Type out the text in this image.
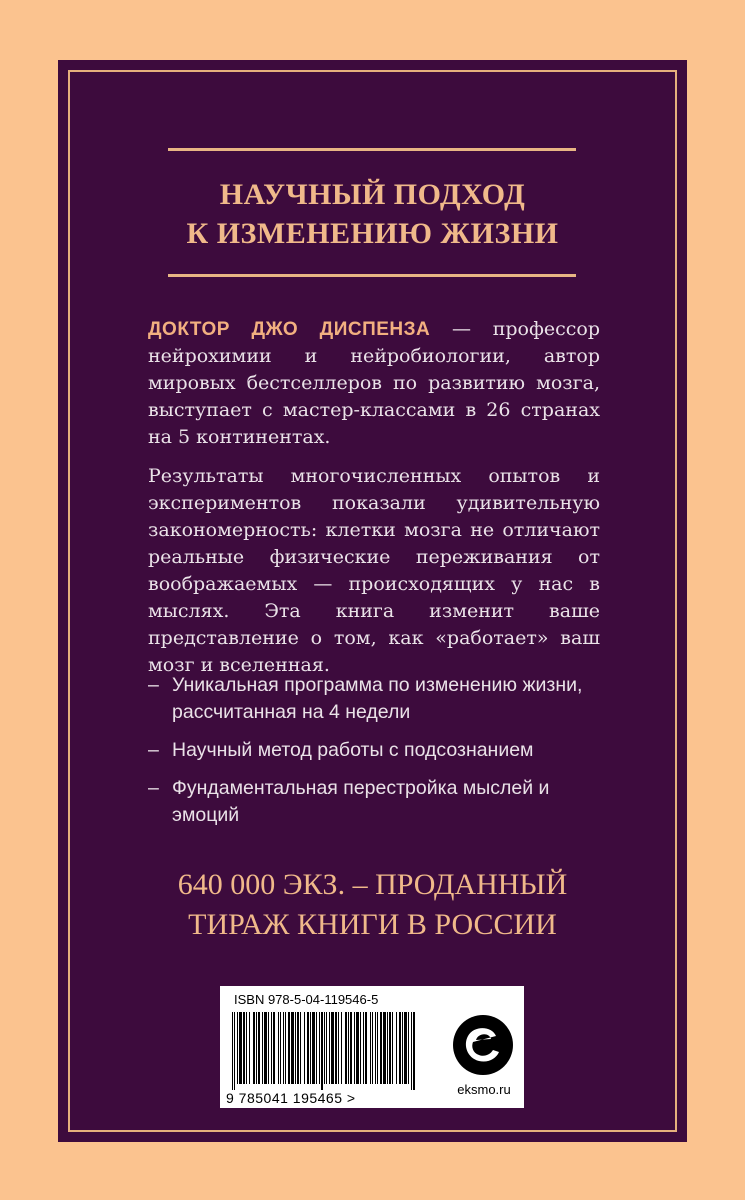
НАУЧНЫЙ ПОДХОД
К ИЗМЕНЕНИЮ ЖИЗНИ

ДОКТОР ДЖО ДИСПЕНЗА — профессор нейрохимии и нейробиологии, автор мировых бестселлеров по развитию мозга, выступает с мастер-классами в 26 странах на 5 континентах.

Результаты многочисленных опытов и экспериментов показали удивительную закономерность: клетки мозга не отличают реальные физические переживания от воображаемых — происходящих у нас в мыслях. Эта книга изменит ваше представление о том, как «работает» ваш мозг и вселенная.

– Уникальная программа по изменению жизни, рассчитанная на 4 недели
– Научный метод работы с подсознанием
– Фундаментальная перестройка мыслей и эмоций

640 000 ЭКЗ. – ПРОДАННЫЙ
ТИРАЖ КНИГИ В РОССИИ

ISBN 978-5-04-119546-5
9 785041 195465 >
eksmo.ru
